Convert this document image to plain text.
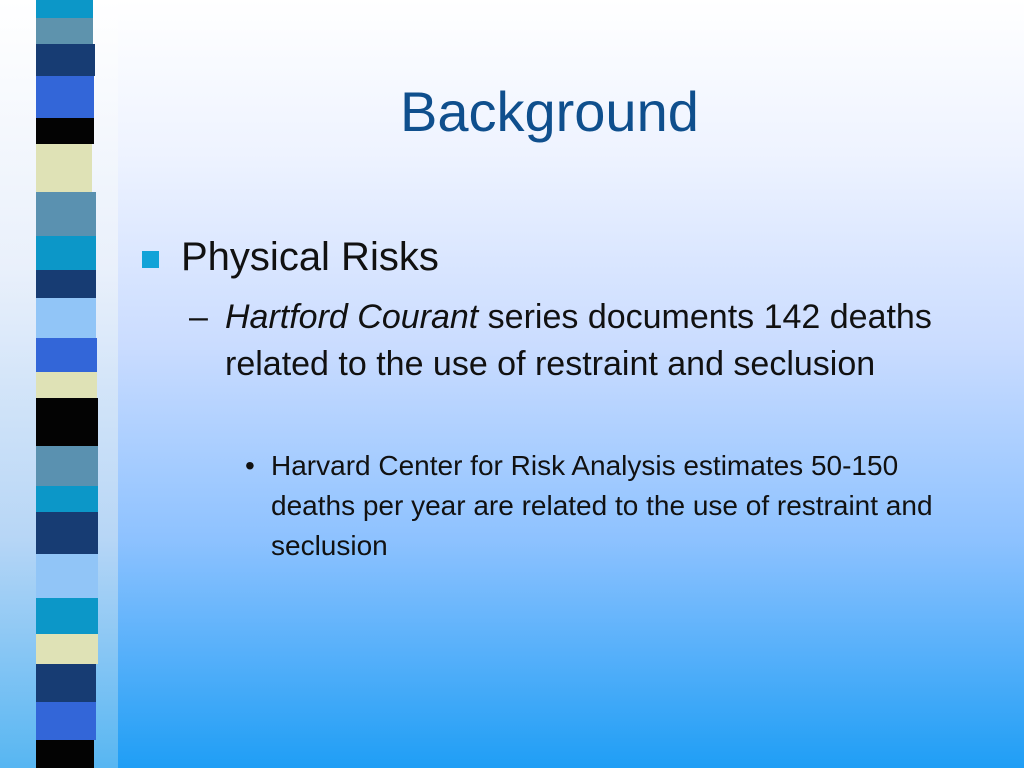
Background
Physical Risks
– Hartford Courant series documents 142 deaths related to the use of restraint and seclusion
• Harvard Center for Risk Analysis estimates 50-150 deaths per year are related to the use of restraint and seclusion
